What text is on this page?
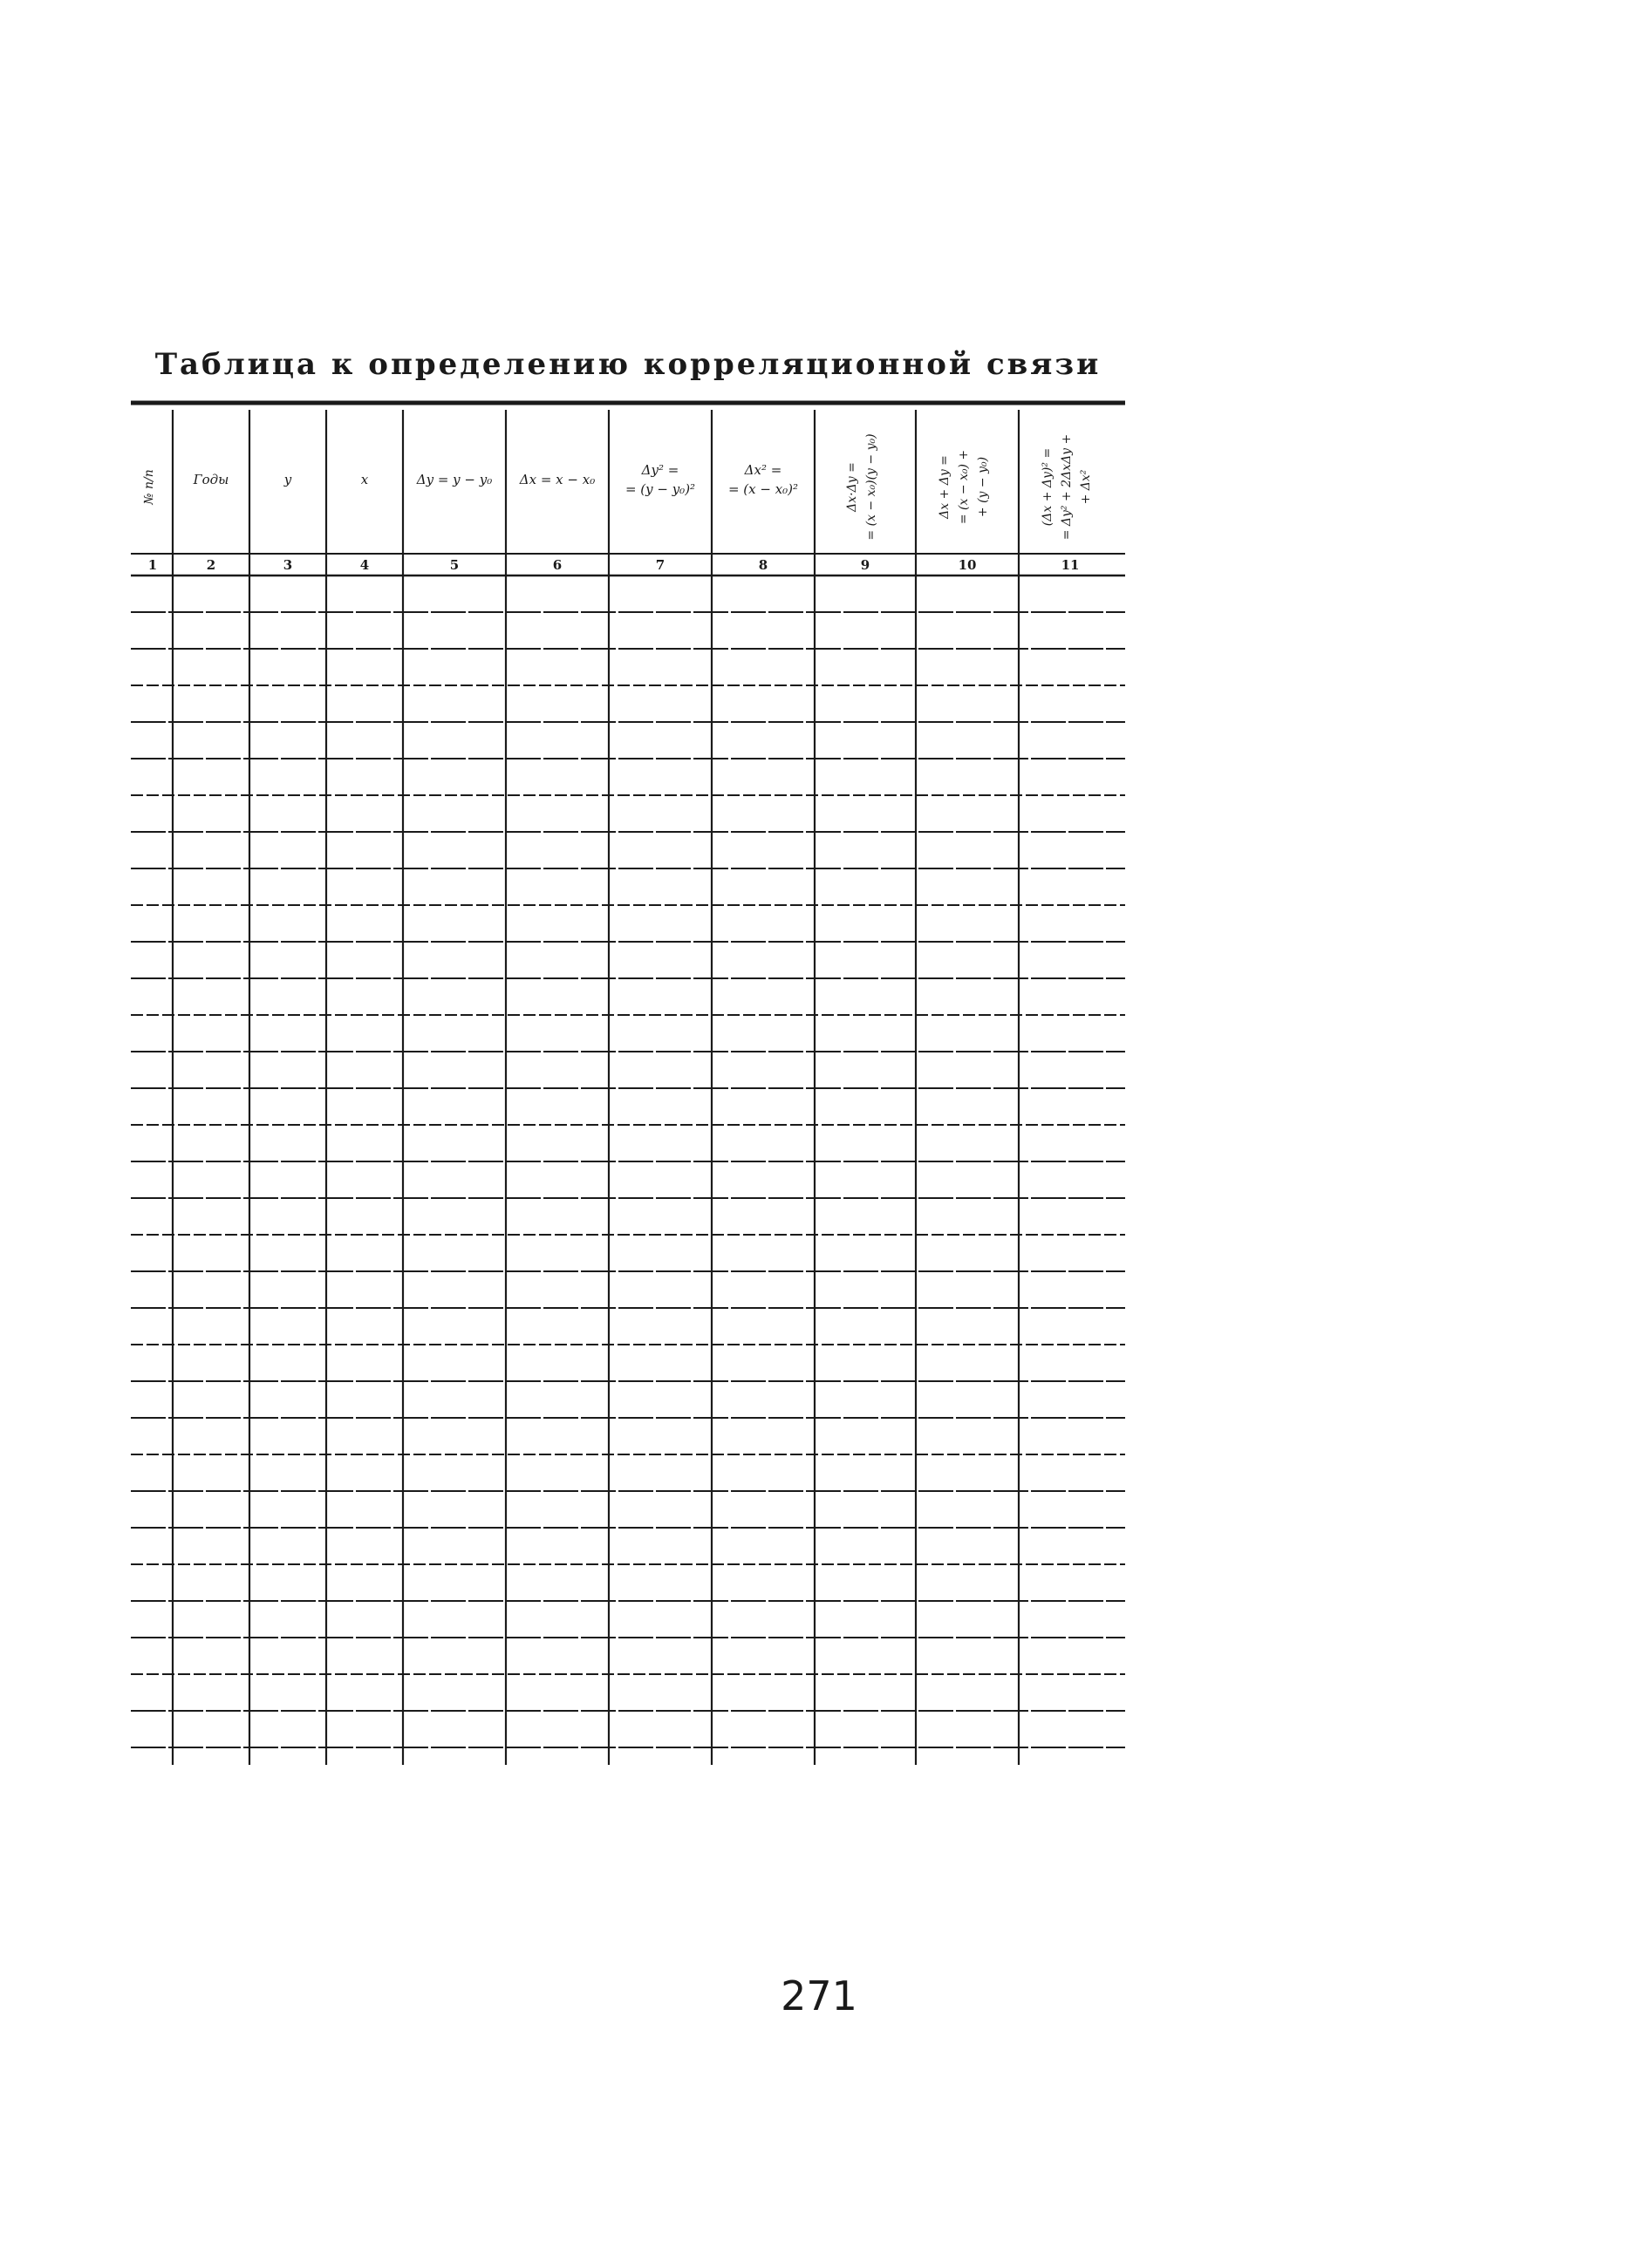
Таблица к определению корреляционной связи
№ п/п
1
Годы
2
y
3
x
4
Δy = y − y₀
5
Δx = x − x₀
6
Δy² =
= (y − y₀)²
7
Δx² =
= (x − x₀)²
8
Δx·Δy = = (x − x₀)(y − y₀)
9
Δx + Δy = = (x − x₀) + + (y − y₀)
10
(Δx + Δy)² = = Δy² + 2ΔxΔy + + Δx²
11
271
